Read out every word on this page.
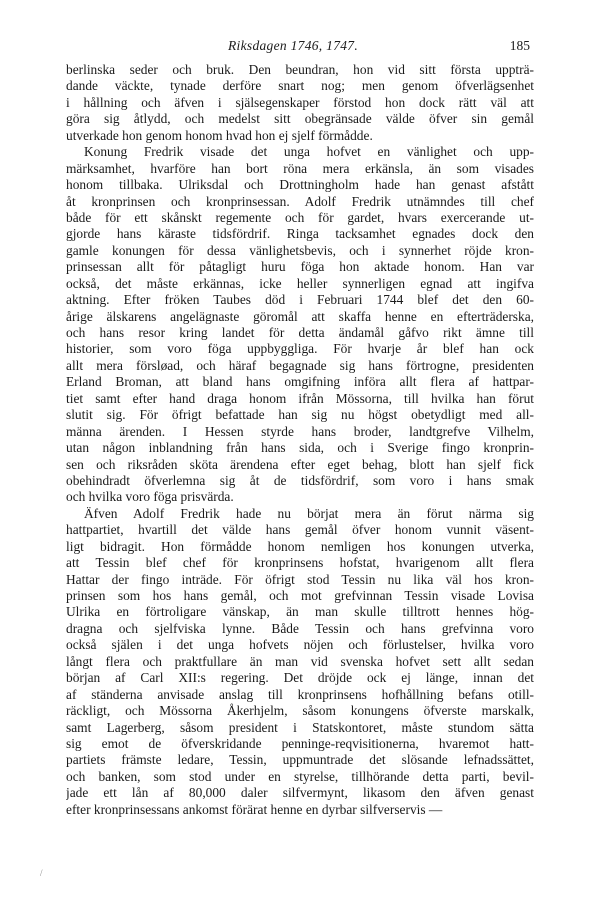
Riksdagen 1746, 1747.	185
berlinska seder och bruk. Den beundran, hon vid sitt första uppträ-
dande väckte, tynade derföre snart nog; men genom öfverlägsenhet
i hållning och äfven i själsegenskaper förstod hon dock rätt väl att
göra sig åtlydd, och medelst sitt obegränsade välde öfver sin gemål
utverkade hon genom honom hvad hon ej sjelf förmådde.
Konung Fredrik visade det unga hofvet en vänlighet och upp-
märksamhet, hvarföre han bort röna mera erkänsla, än som visades
honom tillbaka. Ulriksdal och Drottningholm hade han genast afstått
åt kronprinsen och kronprinsessan. Adolf Fredrik utnämndes till chef
både för ett skånskt regemente och för gardet, hvars exercerande ut-
gjorde hans käraste tidsfördrif. Ringa tacksamhet egnades dock den
gamle konungen för dessa vänlighetsbevis, och i synnerhet röjde kron-
prinsessan allt för påtagligt huru föga hon aktade honom. Han var
också, det måste erkännas, icke heller synnerligen egnad att ingifva
aktning. Efter fröken Taubes död i Februari 1744 blef det den 60-
årige älskarens angelägnaste göromål att skaffa henne en efterträderska,
och hans resor kring landet för detta ändamål gåfvo rikt ämne till
historier, som voro föga uppbyggliga. För hvarje år blef han ock
allt mera försløad, och häraf begagnade sig hans förtrogne, presidenten
Erland Broman, att bland hans omgifning införa allt flera af hattpar-
tiet samt efter hand draga honom ifrån Mössorna, till hvilka han förut
slutit sig. För öfrigt befattade han sig nu högst obetydligt med all-
männa ärenden. I Hessen styrde hans broder, landtgrefve Vilhelm,
utan någon inblandning från hans sida, och i Sverige fingo kronprin-
sen och riksråden sköta ärendena efter eget behag, blott han sjelf fick
obehindradt öfverlemna sig åt de tidsfördrif, som voro i hans smak
och hvilka voro föga prisvärda.
Äfven Adolf Fredrik hade nu börjat mera än förut närma sig
hattpartiet, hvartill det välde hans gemål öfver honom vunnit väsent-
ligt bidragit. Hon förmådde honom nemligen hos konungen utverka,
att Tessin blef chef för kronprinsens hofstat, hvarigenom allt flera
Hattar der fingo inträde. För öfrigt stod Tessin nu lika väl hos kron-
prinsen som hos hans gemål, och mot grefvinnan Tessin visade Lovisa
Ulrika en förtroligare vänskap, än man skulle tilltrott hennes hög-
dragna och sjelfviska lynne. Både Tessin och hans grefvinna voro
också själen i det unga hofvets nöjen och förlustelser, hvilka voro
långt flera och praktfullare än man vid svenska hofvet sett allt sedan
början af Carl XII:s regering. Det dröjde ock ej länge, innan det
af ständerna anvisade anslag till kronprinsens hofhållning befans otill-
räckligt, och Mössorna Åkerhjelm, såsom konungens öfverste marskalk,
samt Lagerberg, såsom president i Statskontoret, måste stundom sätta
sig emot de öfverskridande penninge-reqvisitionerna, hvaremot hatt-
partiets främste ledare, Tessin, uppmuntrade det slösande lefnadssättet,
och banken, som stod under en styrelse, tillhörande detta parti, bevil-
jade ett lån af 80,000 daler silfvermynt, likasom den äfven genast
efter kronprinsessans ankomst förärat henne en dyrbar silfverservis —
/
